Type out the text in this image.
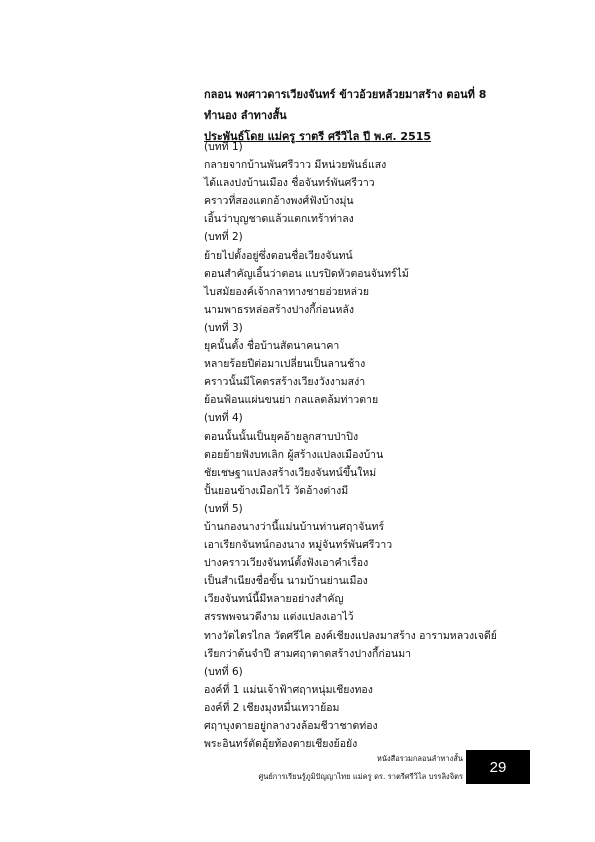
กลอน พงศาวดารเวียงจันทร์ ข้าวอ้วยหล้วยมาสร้าง ตอนที่ 8
ทำนอง ลำทางสั้น
ประพันธ์โดย แม่ครู ราตรี ศรีวิไล ปี พ.ศ. 2515
(บทที่ 1)
กลายจากบ้านพันศรีวาว มีหน่วยพันธ์แสง
ได้แลงปงบ้านเมือง ชื่อจันทร์พันศรีวาว
คราวที่สองแตกอ้างพงศ์ฟังบ้างมุ่น
เอิ้นว่าบุญชาดแล้วแตกเทร้าท่าลง
(บทที่ 2)
ย้ายไปตั้งอยู่ซึ่งตอนชื่อเวียงจันทน์
ตอนสำคัญเอิ้นว่าตอน แบรปิดหัวตอนจันทร์ไม้
ไบสมัยองค์เจ้ากลาทางชายอ่วยหล่วย
นามพาธรหล่อสร้างปางกี้ก่อนหลัง
(บทที่ 3)
ยุคนั้นตั้ง ชื่อบ้านสัตนาคนาคา
หลายร้อยปีต่อมาเปลี่ยนเป็นลานช้าง
คราวนั้นมีโคตรสร้างเวียงวังงามสง่า
ย้อนฟ้อนแผ่นขนย่า กลแลตล้มท่าวตาย
(บทที่ 4)
ตอนนั้นนั้นเป็นยุคอ้ายลูกสาบป่าปิง
ตอยย้ายฟังบทเลิก ผู้สร้างแปลงเมืองบ้าน
ชัยเชษฐาแปลงสร้างเวียงจันทน์ขึ้นใหม่
ปั้นยอนข้างเมือกไว้ วัดอ้างต่างมี
(บทที่ 5)
บ้านกองนางว่านี้แม่นบ้านท่านศฤาจันทร์
เอาเรียกจันทน์กองนาง หมู่จันทร์พันศรีวาว
ปางคราวเวียงจันทน์ตั้งฟังเอาคำเรื่อง
เป็นสำเนียงชื่อขั้น นามบ้านย่านเมือง
เวียงจันทน์นี้มีหลายอย่างสำคัญ
สรรพพจนวดีงาม แต่งแปลงเอาไว้
ทางวัดไตรไกล วัดศรีไค องค์เชียงแปลงมาสร้าง อารามหลวงเจดีย์
เรียกว่าต้นจำปี สามศฤาตาตสร้างปางกี้ก่อนมา
(บทที่ 6)
องค์ที่ 1 แม่นเจ้าฟ้าศฤาหนุ่มเชียงทอง
องค์ที่ 2 เชียงมุงหมื่นเทวาย้อม
ศฤาบุงตายอยู่กลางวงล้อมชีวาชาดท่อง
พระอินทร์ตัดอุ้ยท้องตายเชียงย้อยัง
หนังสือรวมกลอนลำทางสั้น
ศูนย์การเรียนรู้ภูมิปัญญาไทย แม่ครู ดร. ราตรีศรีวิไล บรรลิงจิตร
29
